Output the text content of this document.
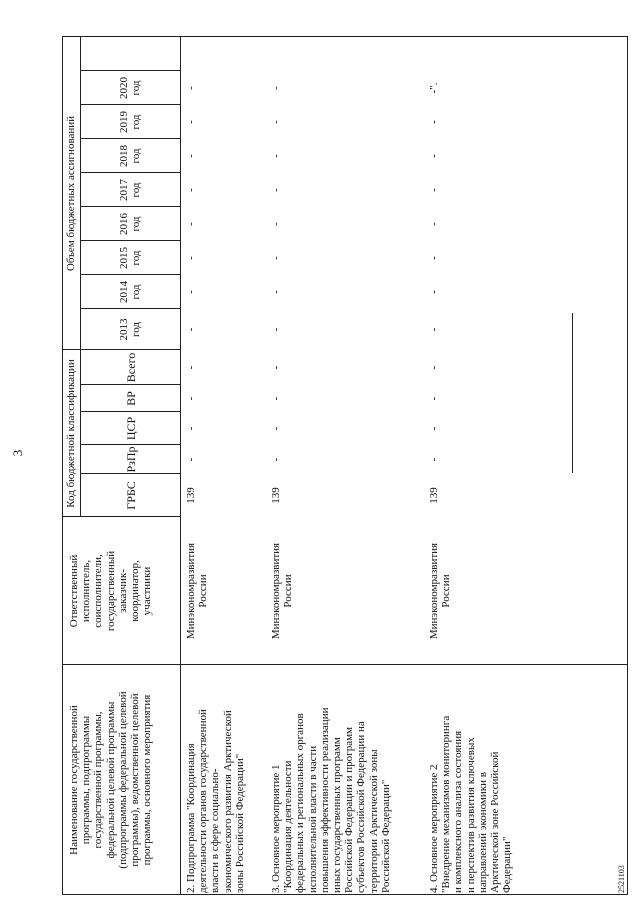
3
Наименование государственной программы, подпрограммы государственной программы, федеральной целевой программы (подпрограммы федеральной целевой программы), ведомственной целевой программы, основного мероприятия
Ответственный исполнитель, соисполнители, государственный заказчик- координатор, участники
Код бюджетной классификации	ГРБС
РзПр
ЦСР
ВР
Всего
Объем бюджетных ассигнований
2013 год
2014 год
2015 год
2016 год
2017 год
2018 год
2019 год
2020 год
2. Подпрограмма "Координация деятельности органов государственной власти в сфере социально- экономического развития Арктической зоны Российской Федерации"
Минэкономразвития России
139
-
-
-
-
-
-
-
-
-
-
-
-
3. Основное мероприятие 1 "Координация деятельности федеральных и региональных органов исполнительной власти в части повышения эффективности реализации иных государственных программ Российской Федерации и программ субъектов Российской Федерации на территории Арктической зоны Российской Федерации"
Минэкономразвития России
139
-
-
-
-
-
-
-
-
-
-
-
-
4. Основное мероприятие 2 "Внедрение механизмов мониторинга и комплексного анализа состояния и перспектив развития ключевых направлений экономики в Арктической зоне Российской Федерации"
Минэкономразвития России
139
-
-
-
-
-
-
-
-
-
-
-
-".
2521103
